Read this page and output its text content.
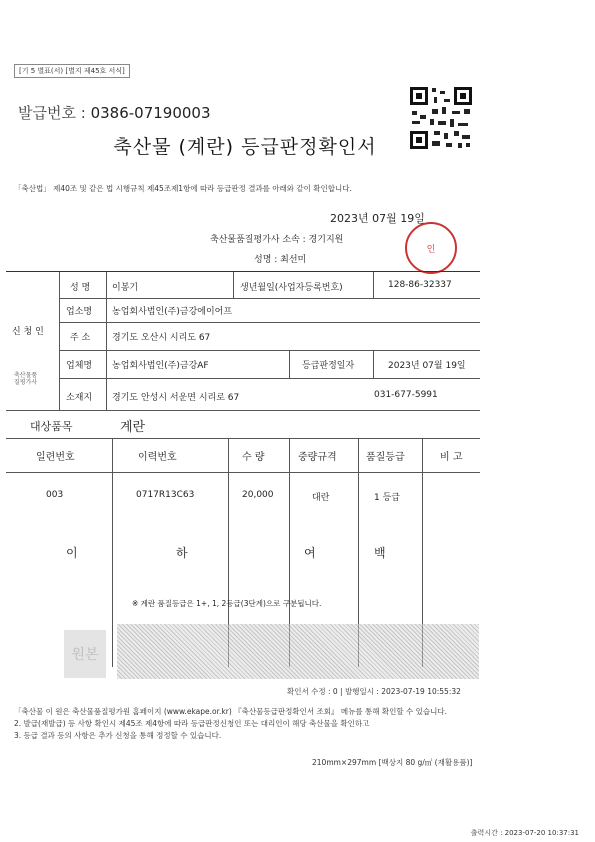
[기 5 별표(서) [별지 제45호 서식]
발급번호 : 0386-07190003
축산물 (계란) 등급판정확인서
「축산법」 제40조 및 같은 법 시행규칙 제45조제1항에 따라 등급판정 결과를 아래와 같이 확인합니다.
2023년 07월 19일
축산물품질평가사 소속 : 경기지원
성명 : 최선미
인
신 청 인
성 명 이봉기	생년월일(사업자등록번호)	128-86-32337
업소명 농업회사법인(주)금강에이어프
주 소 경기도 오산시 시리도 67
업체명 농업회사법인(주)금강AF	등급판정일자	2023년 07월 19일
소재지 경기도 안성시 서운면 시리로 67	031-677-5991
대상품목	계란
일련번호	이력번호	수 량	중량규격	품질등급	비 고
003	0717R13C63	20,000	대란	1 등급
이	하	여	백
※ 계란 품질등급은 1+, 1, 2등급(3단계)으로 구분됩니다.
축산물품질평가사
원본
확인서 수정 : 0 | 발행일시 : 2023-07-19 10:55:32
「축산물 이 원은 축산물품질평가원 홈페이지 (www.ekape.or.kr) 『축산물등급판정확인서 조회』 메뉴를 통해 확인할 수 있습니다.
2. 발급(재발급) 등 사항 확인시 제45조 제4항에 따라 등급판정신청인 또는 대리인이 해당 축산물을 확인하고
3. 등급 결과 등의 사항은 추가 신청을 통해 정정할 수 있습니다.
210mm×297mm [백상지 80 g/㎡ (재활용품)]
출력시간 : 2023-07-20 10:37:31
